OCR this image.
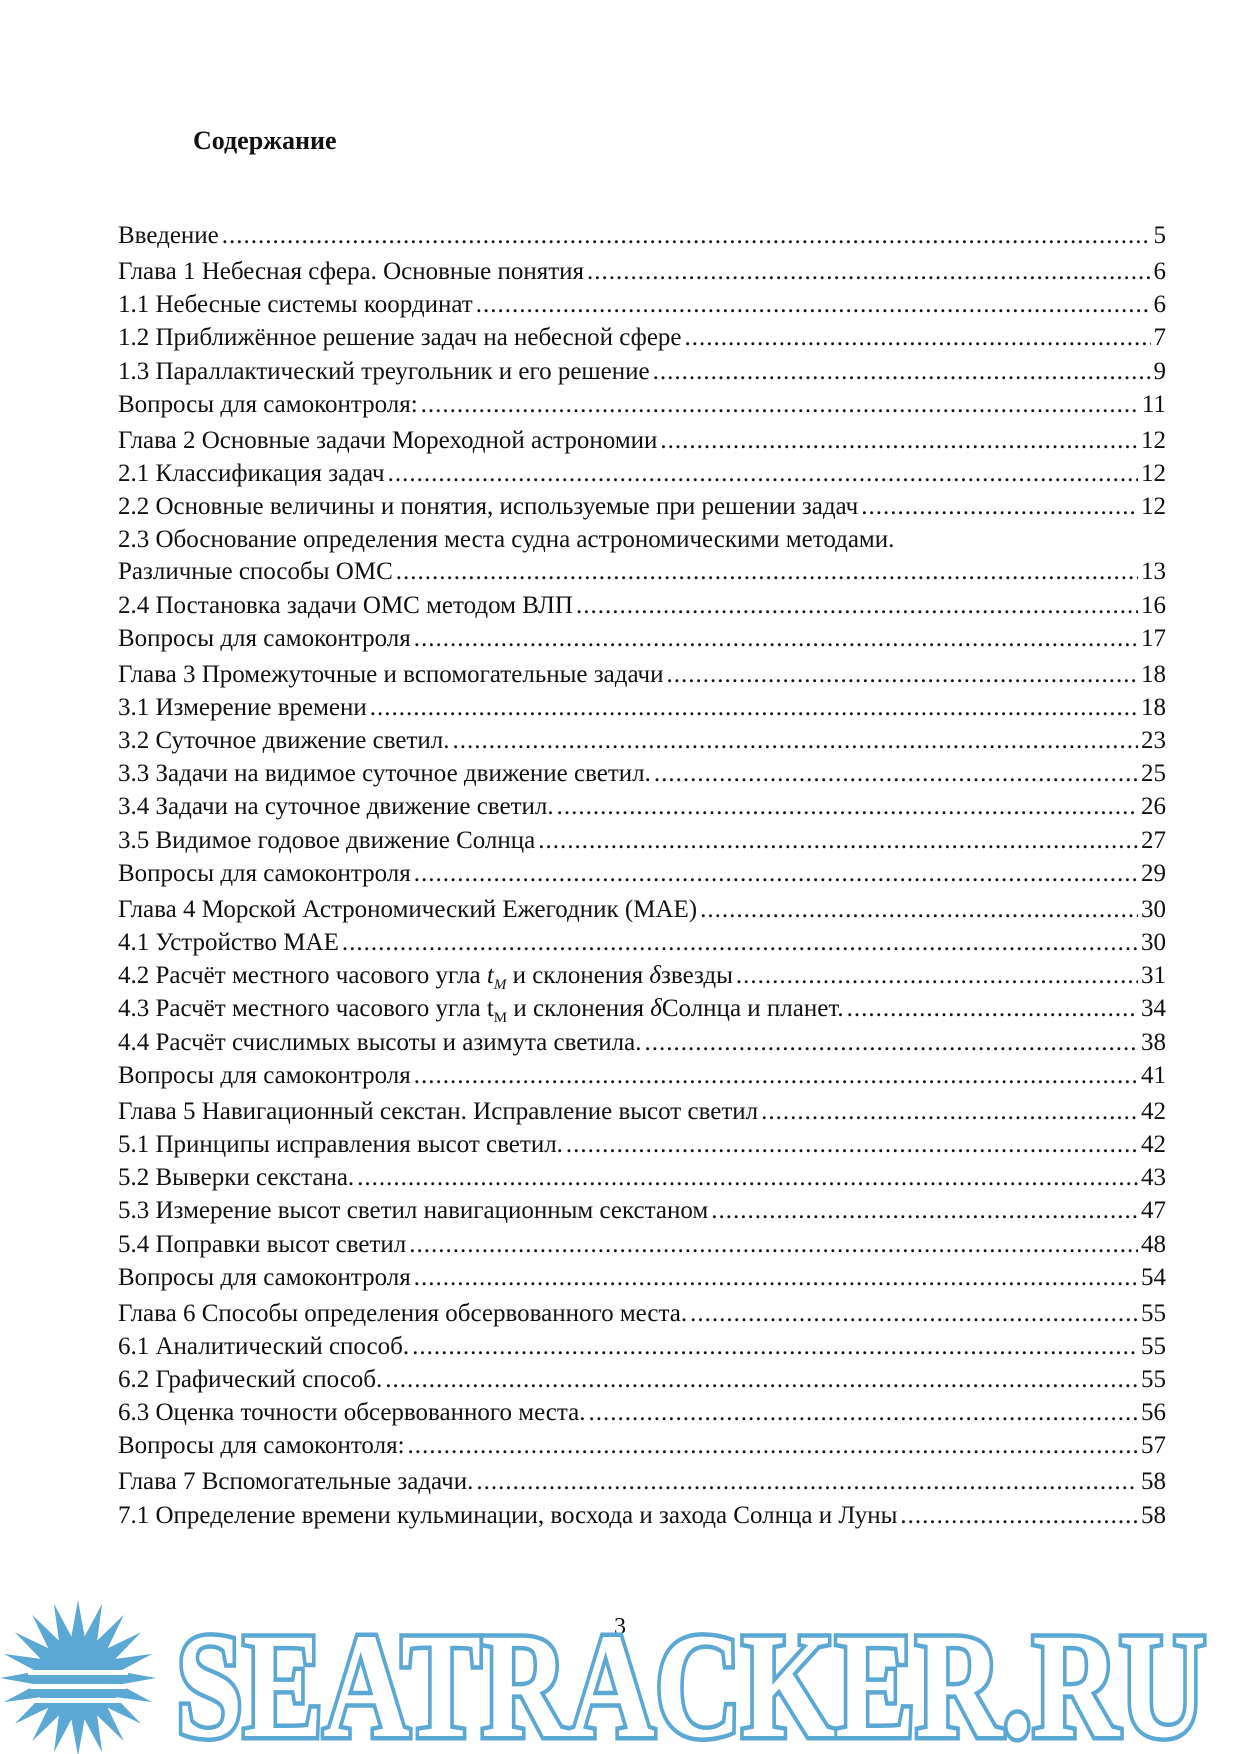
Содержание
Введение .....	5
Глава 1 Небесная сфера. Основные понятия .....	6
1.1 Небесные системы координат .....	6
1.2 Приближённое решение задач на небесной сфере .....	7
1.3 Параллактический треугольник и его решение .....	9
Вопросы для самоконтроля: .....	11
Глава 2 Основные задачи Мореходной астрономии .....	12
2.1 Классификация задач .....	12
2.2 Основные величины и понятия, используемые при решении задач .....	12
2.3 Обоснование определения места судна астрономическими методами.
Различные способы ОМС .....	13
2.4 Постановка задачи ОМС методом ВЛП .....	16
Вопросы для самоконтроля .....	17
Глава 3 Промежуточные и вспомогательные задачи .....	18
3.1 Измерение времени .....	18
3.2 Суточное движение светил. .....	23
3.3 Задачи на видимое суточное движение светил. .....	25
3.4 Задачи на суточное движение светил. .....	26
3.5 Видимое годовое движение Солнца .....	27
Вопросы для самоконтроля .....	29
Глава 4 Морской Астрономический Ежегодник (МАЕ) .....	30
4.1 Устройство МАЕ .....	30
4.2 Расчёт местного часового угла $t_M$ и склонения δзвезды .....	31
4.3 Расчёт местного часового угла $t_M$ и склонения δСолнца и планет. .....	34
4.4 Расчёт счислимых высоты и азимута светила. .....	38
Вопросы для самоконтроля .....	41
Глава 5 Навигационный секстан. Исправление высот светил .....	42
5.1 Принципы исправления высот светил. .....	42
5.2 Выверки секстана. .....	43
5.3 Измерение высот светил навигационным секстаном .....	47
5.4 Поправки высот светил .....	48
Вопросы для самоконтроля .....	54
Глава 6 Способы определения обсервованного места. .....	55
6.1 Аналитический способ. .....	55
6.2 Графический способ. .....	55
6.3 Оценка точности обсервованного места. .....	56
Вопросы для самоконтоля: .....	57
Глава 7 Вспомогательные задачи. .....	58
7.1 Определение времени кульминации, восхода и захода Солнца и Луны .....	58
3
SEATRACKER.RU
